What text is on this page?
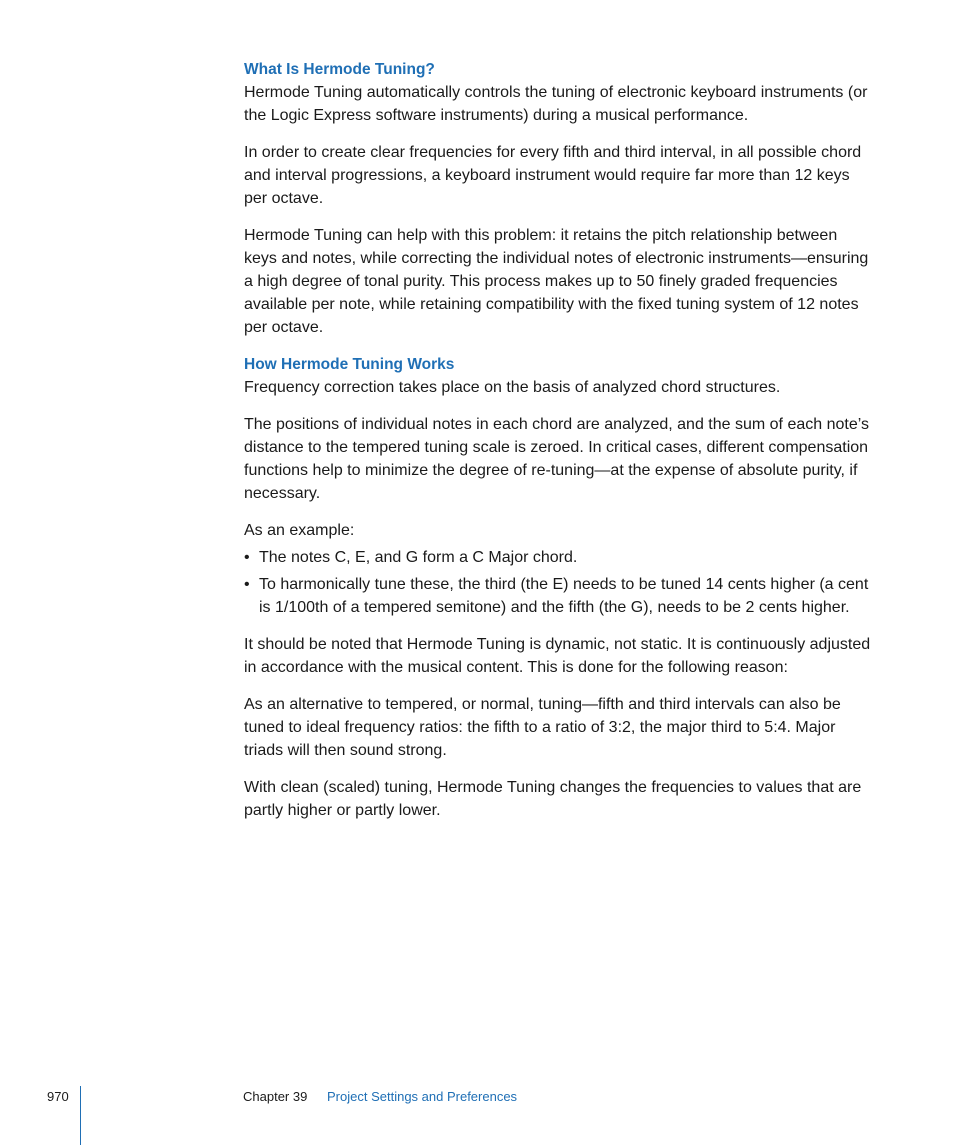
What Is Hermode Tuning?

Hermode Tuning automatically controls the tuning of electronic keyboard instruments (or the Logic Express software instruments) during a musical performance.

In order to create clear frequencies for every fifth and third interval, in all possible chord and interval progressions, a keyboard instrument would require far more than 12 keys per octave.

Hermode Tuning can help with this problem: it retains the pitch relationship between keys and notes, while correcting the individual notes of electronic instruments—ensuring a high degree of tonal purity. This process makes up to 50 finely graded frequencies available per note, while retaining compatibility with the fixed tuning system of 12 notes per octave.

How Hermode Tuning Works

Frequency correction takes place on the basis of analyzed chord structures.

The positions of individual notes in each chord are analyzed, and the sum of each note’s distance to the tempered tuning scale is zeroed. In critical cases, different compensation functions help to minimize the degree of re-tuning—at the expense of absolute purity, if necessary.

As an example:

• The notes C, E, and G form a C Major chord.
• To harmonically tune these, the third (the E) needs to be tuned 14 cents higher (a cent is 1/100th of a tempered semitone) and the fifth (the G), needs to be 2 cents higher.

It should be noted that Hermode Tuning is dynamic, not static. It is continuously adjusted in accordance with the musical content. This is done for the following reason:

As an alternative to tempered, or normal, tuning—fifth and third intervals can also be tuned to ideal frequency ratios: the fifth to a ratio of 3:2, the major third to 5:4. Major triads will then sound strong.

With clean (scaled) tuning, Hermode Tuning changes the frequencies to values that are partly higher or partly lower.

970	Chapter 39 Project Settings and Preferences
